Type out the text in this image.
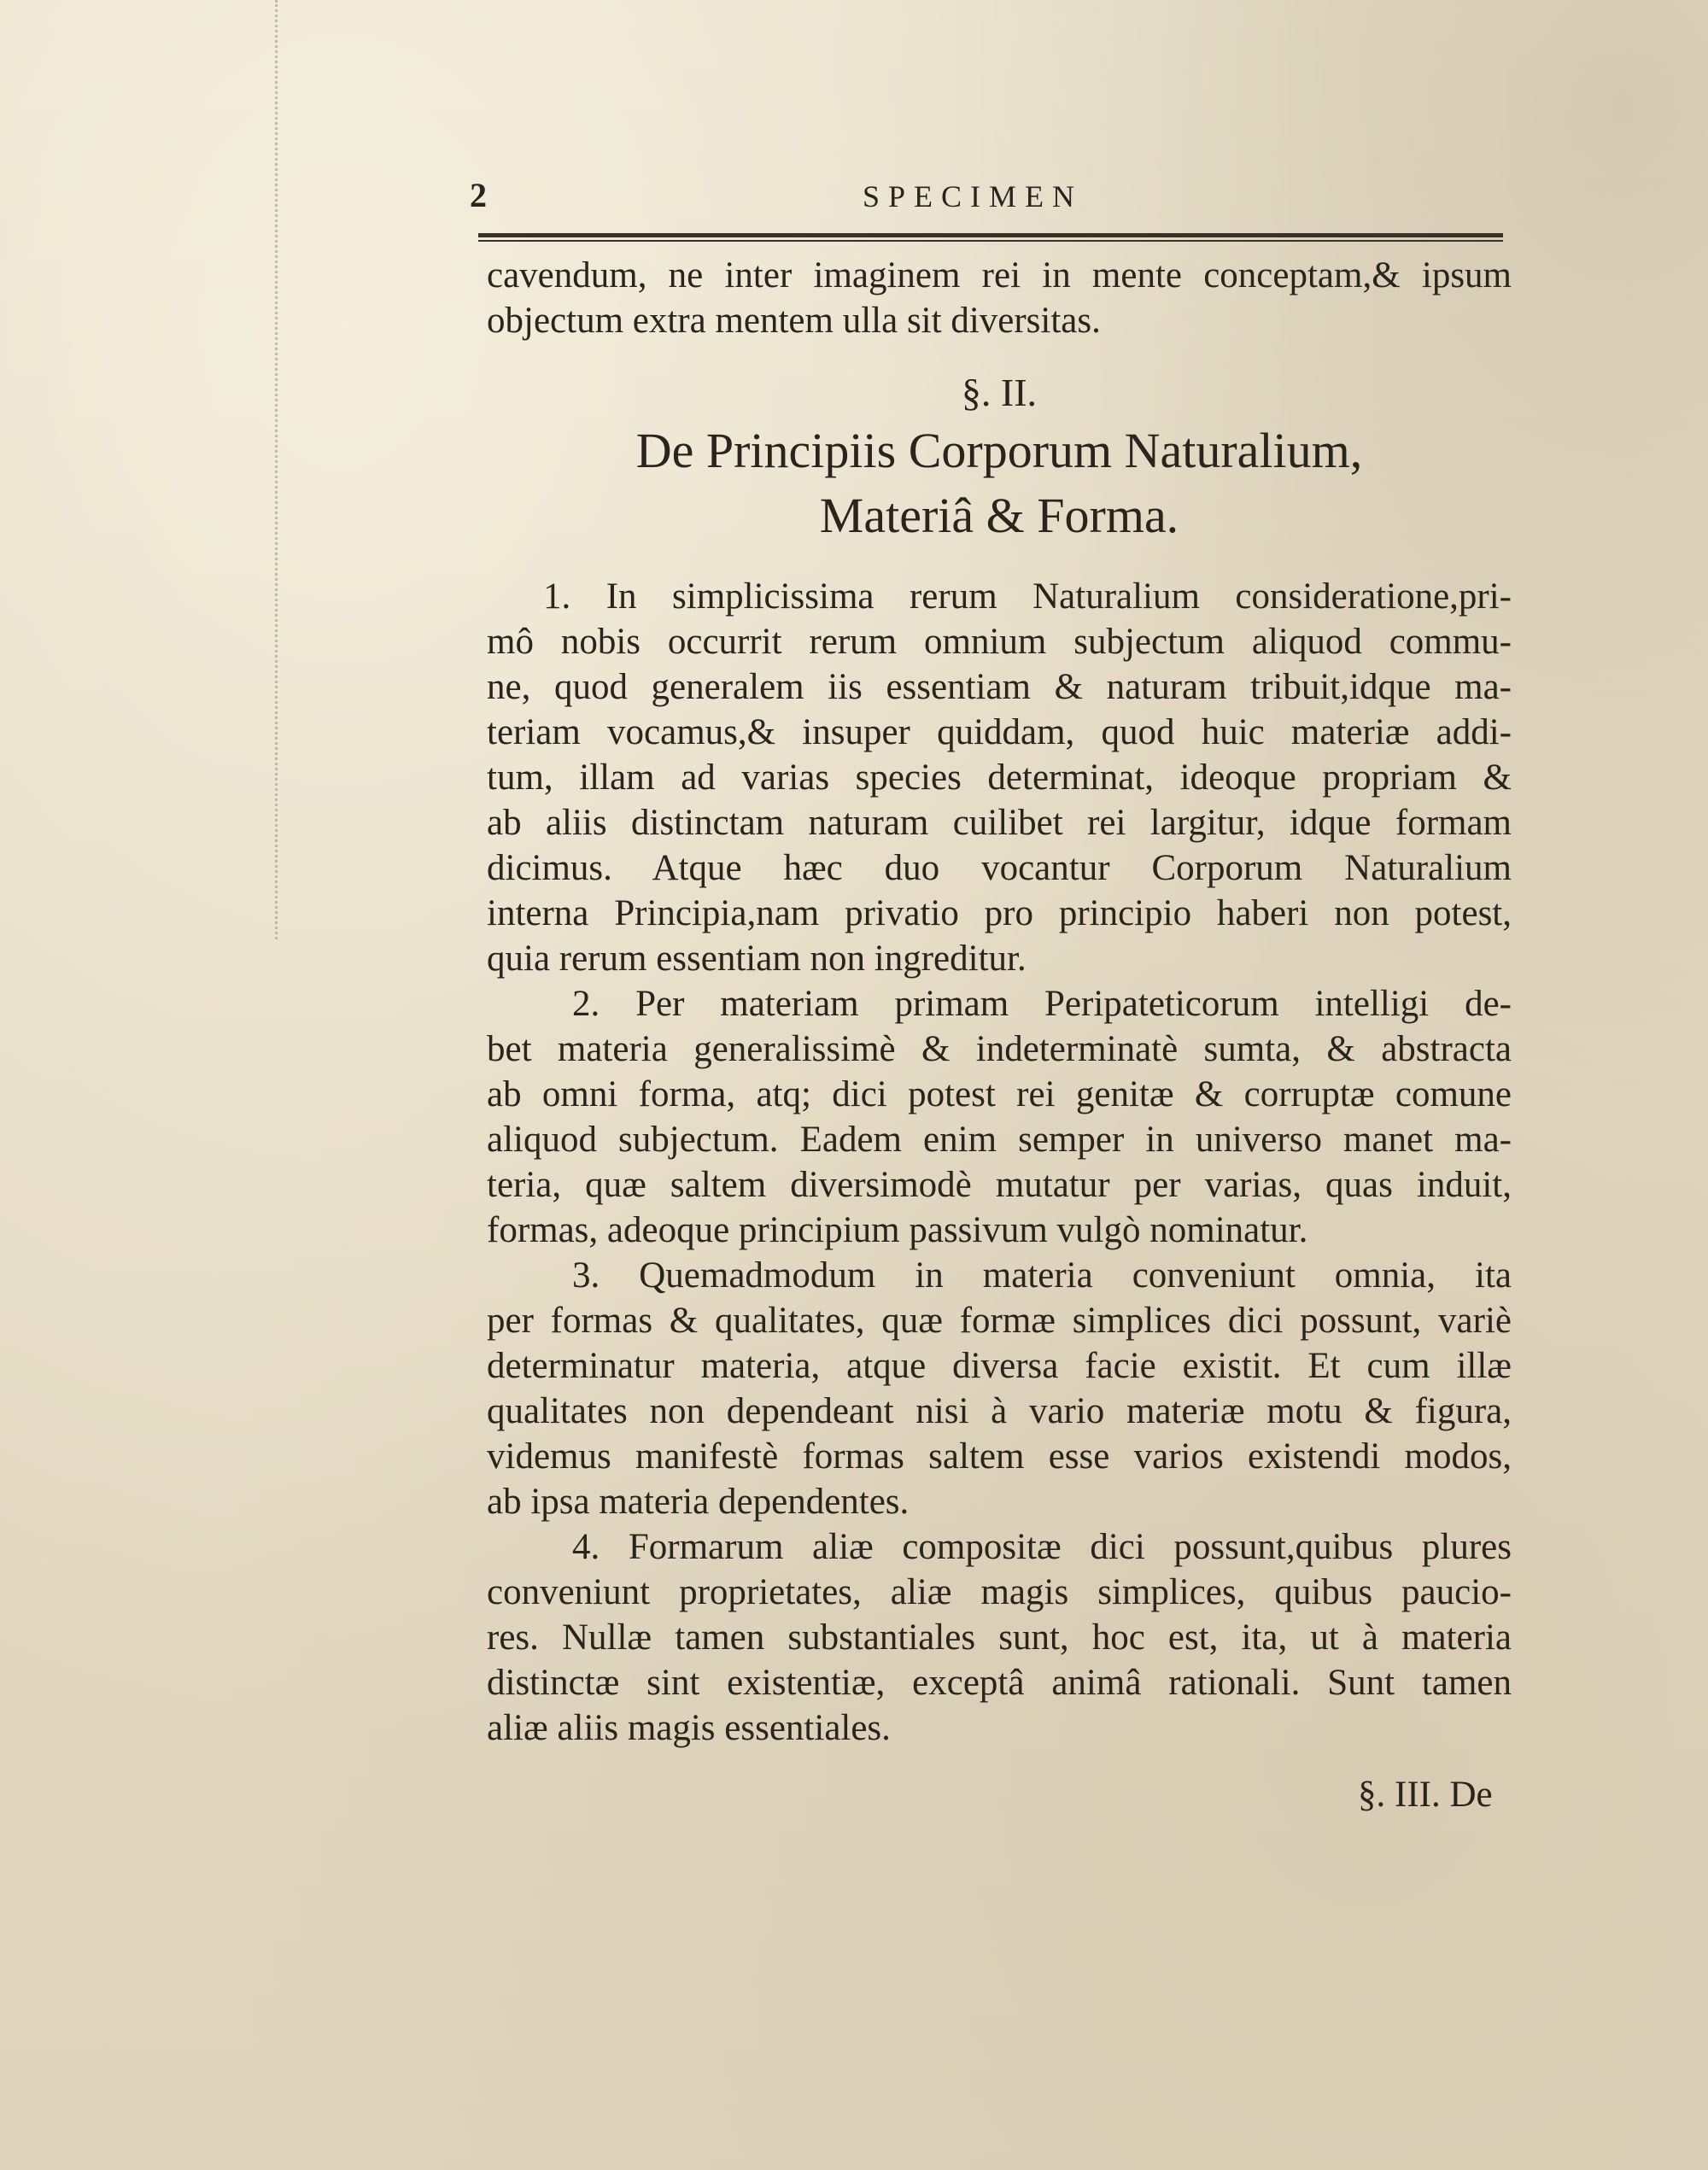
2	SPECIMEN
cavendum, ne inter imaginem rei in mente conceptam,& ipsum
objectum extra mentem ulla sit diversitas.
§. II.
De Principiis Corporum Naturalium,
Materiâ & Forma.
1. In simplicissima rerum Naturalium consideratione,pri-
mô nobis occurrit rerum omnium subjectum aliquod commu-
ne, quod generalem iis essentiam & naturam tribuit,idque ma-
teriam vocamus,& insuper quiddam, quod huic materiæ addi-
tum, illam ad varias species determinat, ideoque propriam &
ab aliis distinctam naturam cuilibet rei largitur, idque formam
dicimus. Atque hæc duo vocantur Corporum Naturalium
interna Principia,nam privatio pro principio haberi non potest,
quia rerum essentiam non ingreditur.
2. Per materiam primam Peripateticorum intelligi de-
bet materia generalissimè & indeterminatè sumta, & abstracta
ab omni forma, atq; dici potest rei genitæ & corruptæ comune
aliquod subjectum. Eadem enim semper in universo manet ma-
teria, quæ saltem diversimodè mutatur per varias, quas induit,
formas, adeoque principium passivum vulgò nominatur.
3. Quemadmodum in materia conveniunt omnia, ita
per formas & qualitates, quæ formæ simplices dici possunt, variè
determinatur materia, atque diversa facie existit. Et cum illæ
qualitates non dependeant nisi à vario materiæ motu & figura,
videmus manifestè formas saltem esse varios existendi modos,
ab ipsa materia dependentes.
4. Formarum aliæ compositæ dici possunt,quibus plures
conveniunt proprietates, aliæ magis simplices, quibus paucio-
res. Nullæ tamen substantiales sunt, hoc est, ita, ut à materia
distinctæ sint existentiæ, exceptâ animâ rationali. Sunt tamen
aliæ aliis magis essentiales.
§. III. De
